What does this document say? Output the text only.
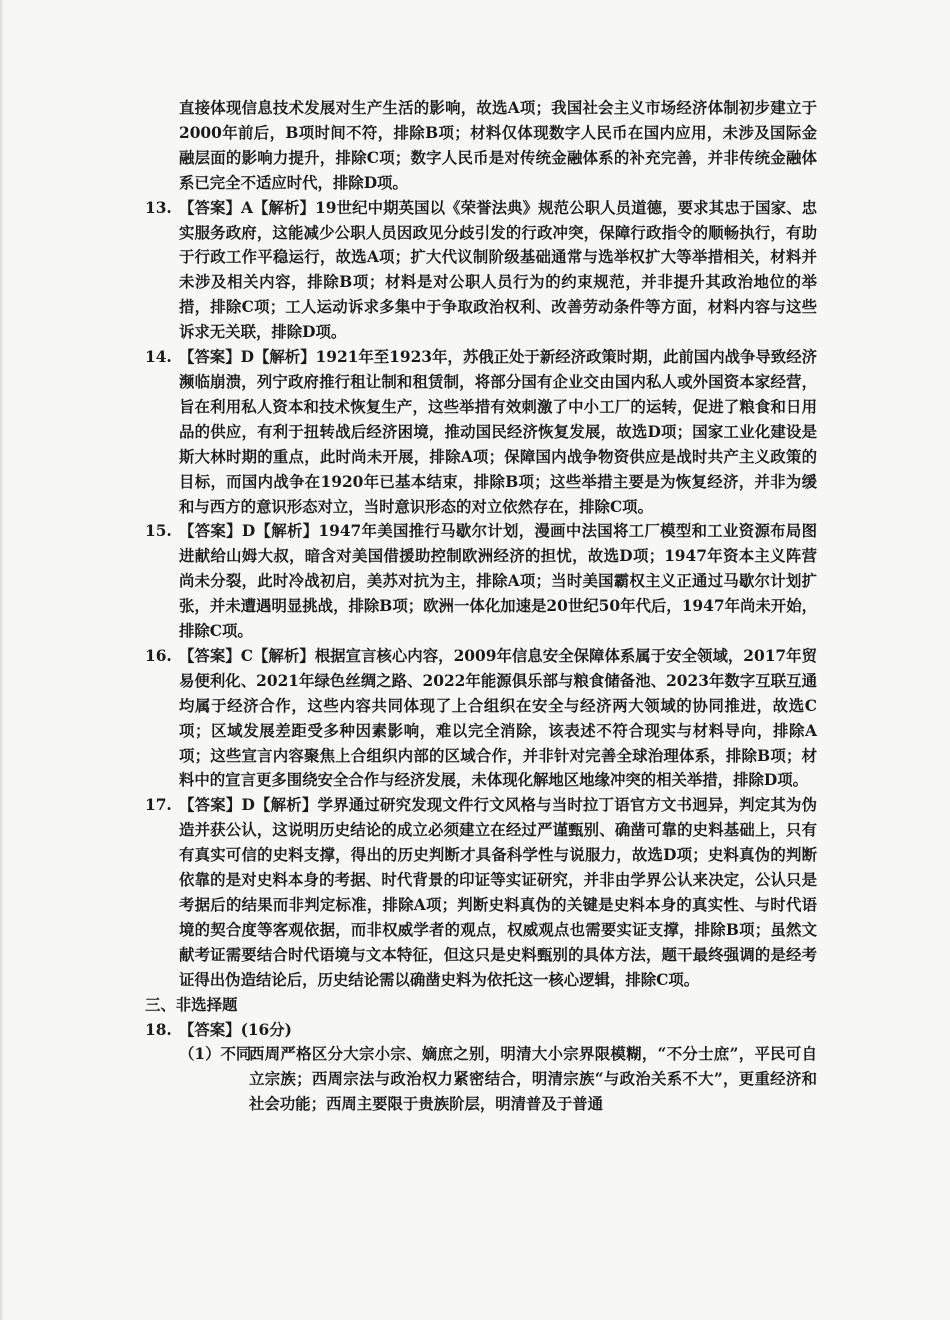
直接体现信息技术发展对生产生活的影响，故选A项；我国社会主义市场经济体制初步建立于2000年前后，B项时间不符，排除B项；材料仅体现数字人民币在国内应用，未涉及国际金融层面的影响力提升，排除C项；数字人民币是对传统金融体系的补充完善，并非传统金融体系已完全不适应时代，排除D项。

13. 【答案】A【解析】19世纪中期英国以《荣誉法典》规范公职人员道德，要求其忠于国家、忠实服务政府，这能减少公职人员因政见分歧引发的行政冲突，保障行政指令的顺畅执行，有助于行政工作平稳运行，故选A项；扩大代议制阶级基础通常与选举权扩大等举措相关，材料并未涉及相关内容，排除B项；材料是对公职人员行为的约束规范，并非提升其政治地位的举措，排除C项；工人运动诉求多集中于争取政治权利、改善劳动条件等方面，材料内容与这些诉求无关联，排除D项。

14. 【答案】D【解析】1921年至1923年，苏俄正处于新经济政策时期，此前国内战争导致经济濒临崩溃，列宁政府推行租让制和租赁制，将部分国有企业交由国内私人或外国资本家经营，旨在利用私人资本和技术恢复生产，这些举措有效刺激了中小工厂的运转，促进了粮食和日用品的供应，有利于扭转战后经济困境，推动国民经济恢复发展，故选D项；国家工业化建设是斯大林时期的重点，此时尚未开展，排除A项；保障国内战争物资供应是战时共产主义政策的目标，而国内战争在1920年已基本结束，排除B项；这些举措主要是为恢复经济，并非为缓和与西方的意识形态对立，当时意识形态的对立依然存在，排除C项。

15. 【答案】D【解析】1947年美国推行马歇尔计划，漫画中法国将工厂模型和工业资源布局图进献给山姆大叔，暗含对美国借援助控制欧洲经济的担忧，故选D项；1947年资本主义阵营尚未分裂，此时冷战初启，美苏对抗为主，排除A项；当时美国霸权主义正通过马歇尔计划扩张，并未遭遇明显挑战，排除B项；欧洲一体化加速是20世纪50年代后，1947年尚未开始，排除C项。

16. 【答案】C【解析】根据宣言核心内容，2009年信息安全保障体系属于安全领域，2017年贸易便利化、2021年绿色丝绸之路、2022年能源俱乐部与粮食储备池、2023年数字互联互通均属于经济合作，这些内容共同体现了上合组织在安全与经济两大领域的协同推进，故选C项；区域发展差距受多种因素影响，难以完全消除，该表述不符合现实与材料导向，排除A项；这些宣言内容聚焦上合组织内部的区域合作，并非针对完善全球治理体系，排除B项；材料中的宣言更多围绕安全合作与经济发展，未体现化解地区地缘冲突的相关举措，排除D项。

17. 【答案】D【解析】学界通过研究发现文件行文风格与当时拉丁语官方文书迥异，判定其为伪造并获公认，这说明历史结论的成立必须建立在经过严谨甄别、确凿可靠的史料基础上，只有有真实可信的史料支撑，得出的历史判断才具备科学性与说服力，故选D项；史料真伪的判断依靠的是对史料本身的考据、时代背景的印证等实证研究，并非由学界公认来决定，公认只是考据后的结果而非判定标准，排除A项；判断史料真伪的关键是史料本身的真实性、与时代语境的契合度等客观依据，而非权威学者的观点，权威观点也需要实证支撑，排除B项；虽然文献考证需要结合时代语境与文本特征，但这只是史料甄别的具体方法，题干最终强调的是经考证得出伪造结论后，历史结论需以确凿史料为依托这一核心逻辑，排除C项。

三、非选择题

18. 【答案】(16分)

（1）不同：

西周严格区分大宗小宗、嫡庶之别，明清大小宗界限模糊，“不分士庶”，平民可自立宗族；西周宗法与政治权力紧密结合，明清宗族“与政治关系不大”，更重经济和社会功能；西周主要限于贵族阶层，明清普及于普通
